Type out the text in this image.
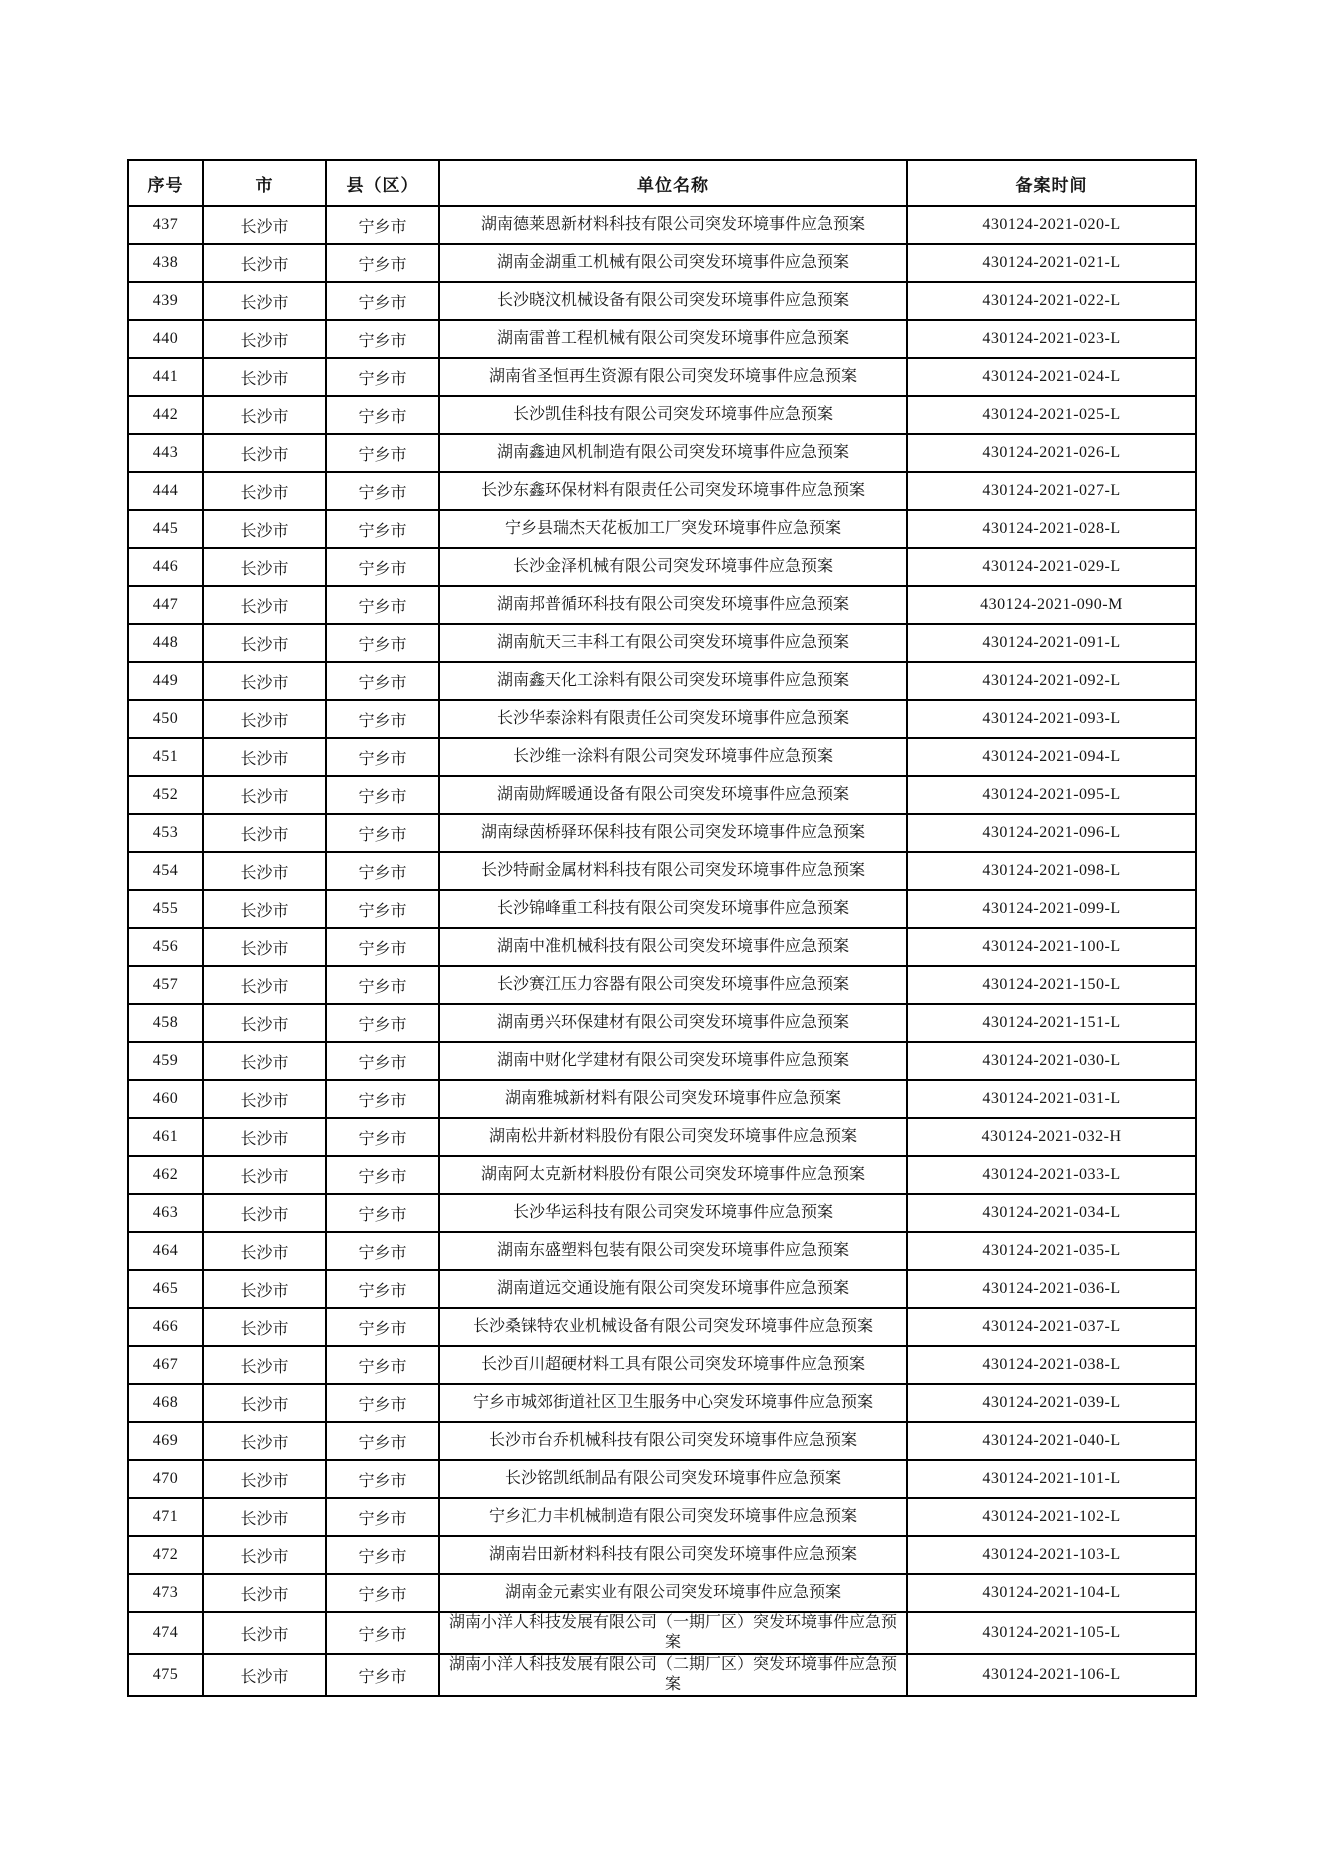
序号	市	县（区）	单位名称	备案时间
437	长沙市	宁乡市	湖南德莱恩新材料科技有限公司突发环境事件应急预案	430124-2021-020-L
438	长沙市	宁乡市	湖南金湖重工机械有限公司突发环境事件应急预案	430124-2021-021-L
439	长沙市	宁乡市	长沙晓汶机械设备有限公司突发环境事件应急预案	430124-2021-022-L
440	长沙市	宁乡市	湖南雷普工程机械有限公司突发环境事件应急预案	430124-2021-023-L
441	长沙市	宁乡市	湖南省圣恒再生资源有限公司突发环境事件应急预案	430124-2021-024-L
442	长沙市	宁乡市	长沙凯佳科技有限公司突发环境事件应急预案	430124-2021-025-L
443	长沙市	宁乡市	湖南鑫迪风机制造有限公司突发环境事件应急预案	430124-2021-026-L
444	长沙市	宁乡市	长沙东鑫环保材料有限责任公司突发环境事件应急预案	430124-2021-027-L
445	长沙市	宁乡市	宁乡县瑞杰天花板加工厂突发环境事件应急预案	430124-2021-028-L
446	长沙市	宁乡市	长沙金泽机械有限公司突发环境事件应急预案	430124-2021-029-L
447	长沙市	宁乡市	湖南邦普循环科技有限公司突发环境事件应急预案	430124-2021-090-M
448	长沙市	宁乡市	湖南航天三丰科工有限公司突发环境事件应急预案	430124-2021-091-L
449	长沙市	宁乡市	湖南鑫天化工涂料有限公司突发环境事件应急预案	430124-2021-092-L
450	长沙市	宁乡市	长沙华泰涂料有限责任公司突发环境事件应急预案	430124-2021-093-L
451	长沙市	宁乡市	长沙维一涂料有限公司突发环境事件应急预案	430124-2021-094-L
452	长沙市	宁乡市	湖南勋辉暖通设备有限公司突发环境事件应急预案	430124-2021-095-L
453	长沙市	宁乡市	湖南绿茵桥驿环保科技有限公司突发环境事件应急预案	430124-2021-096-L
454	长沙市	宁乡市	长沙特耐金属材料科技有限公司突发环境事件应急预案	430124-2021-098-L
455	长沙市	宁乡市	长沙锦峰重工科技有限公司突发环境事件应急预案	430124-2021-099-L
456	长沙市	宁乡市	湖南中准机械科技有限公司突发环境事件应急预案	430124-2021-100-L
457	长沙市	宁乡市	长沙赛江压力容器有限公司突发环境事件应急预案	430124-2021-150-L
458	长沙市	宁乡市	湖南勇兴环保建材有限公司突发环境事件应急预案	430124-2021-151-L
459	长沙市	宁乡市	湖南中财化学建材有限公司突发环境事件应急预案	430124-2021-030-L
460	长沙市	宁乡市	湖南雅城新材料有限公司突发环境事件应急预案	430124-2021-031-L
461	长沙市	宁乡市	湖南松井新材料股份有限公司突发环境事件应急预案	430124-2021-032-H
462	长沙市	宁乡市	湖南阿太克新材料股份有限公司突发环境事件应急预案	430124-2021-033-L
463	长沙市	宁乡市	长沙华运科技有限公司突发环境事件应急预案	430124-2021-034-L
464	长沙市	宁乡市	湖南东盛塑料包装有限公司突发环境事件应急预案	430124-2021-035-L
465	长沙市	宁乡市	湖南道远交通设施有限公司突发环境事件应急预案	430124-2021-036-L
466	长沙市	宁乡市	长沙桑铼特农业机械设备有限公司突发环境事件应急预案	430124-2021-037-L
467	长沙市	宁乡市	长沙百川超硬材料工具有限公司突发环境事件应急预案	430124-2021-038-L
468	长沙市	宁乡市	宁乡市城郊街道社区卫生服务中心突发环境事件应急预案	430124-2021-039-L
469	长沙市	宁乡市	长沙市台乔机械科技有限公司突发环境事件应急预案	430124-2021-040-L
470	长沙市	宁乡市	长沙铭凯纸制品有限公司突发环境事件应急预案	430124-2021-101-L
471	长沙市	宁乡市	宁乡汇力丰机械制造有限公司突发环境事件应急预案	430124-2021-102-L
472	长沙市	宁乡市	湖南岩田新材料科技有限公司突发环境事件应急预案	430124-2021-103-L
473	长沙市	宁乡市	湖南金元素实业有限公司突发环境事件应急预案	430124-2021-104-L
474	长沙市	宁乡市	湖南小洋人科技发展有限公司（一期厂区）突发环境事件应急预案	430124-2021-105-L
475	长沙市	宁乡市	湖南小洋人科技发展有限公司（二期厂区）突发环境事件应急预案	430124-2021-106-L
